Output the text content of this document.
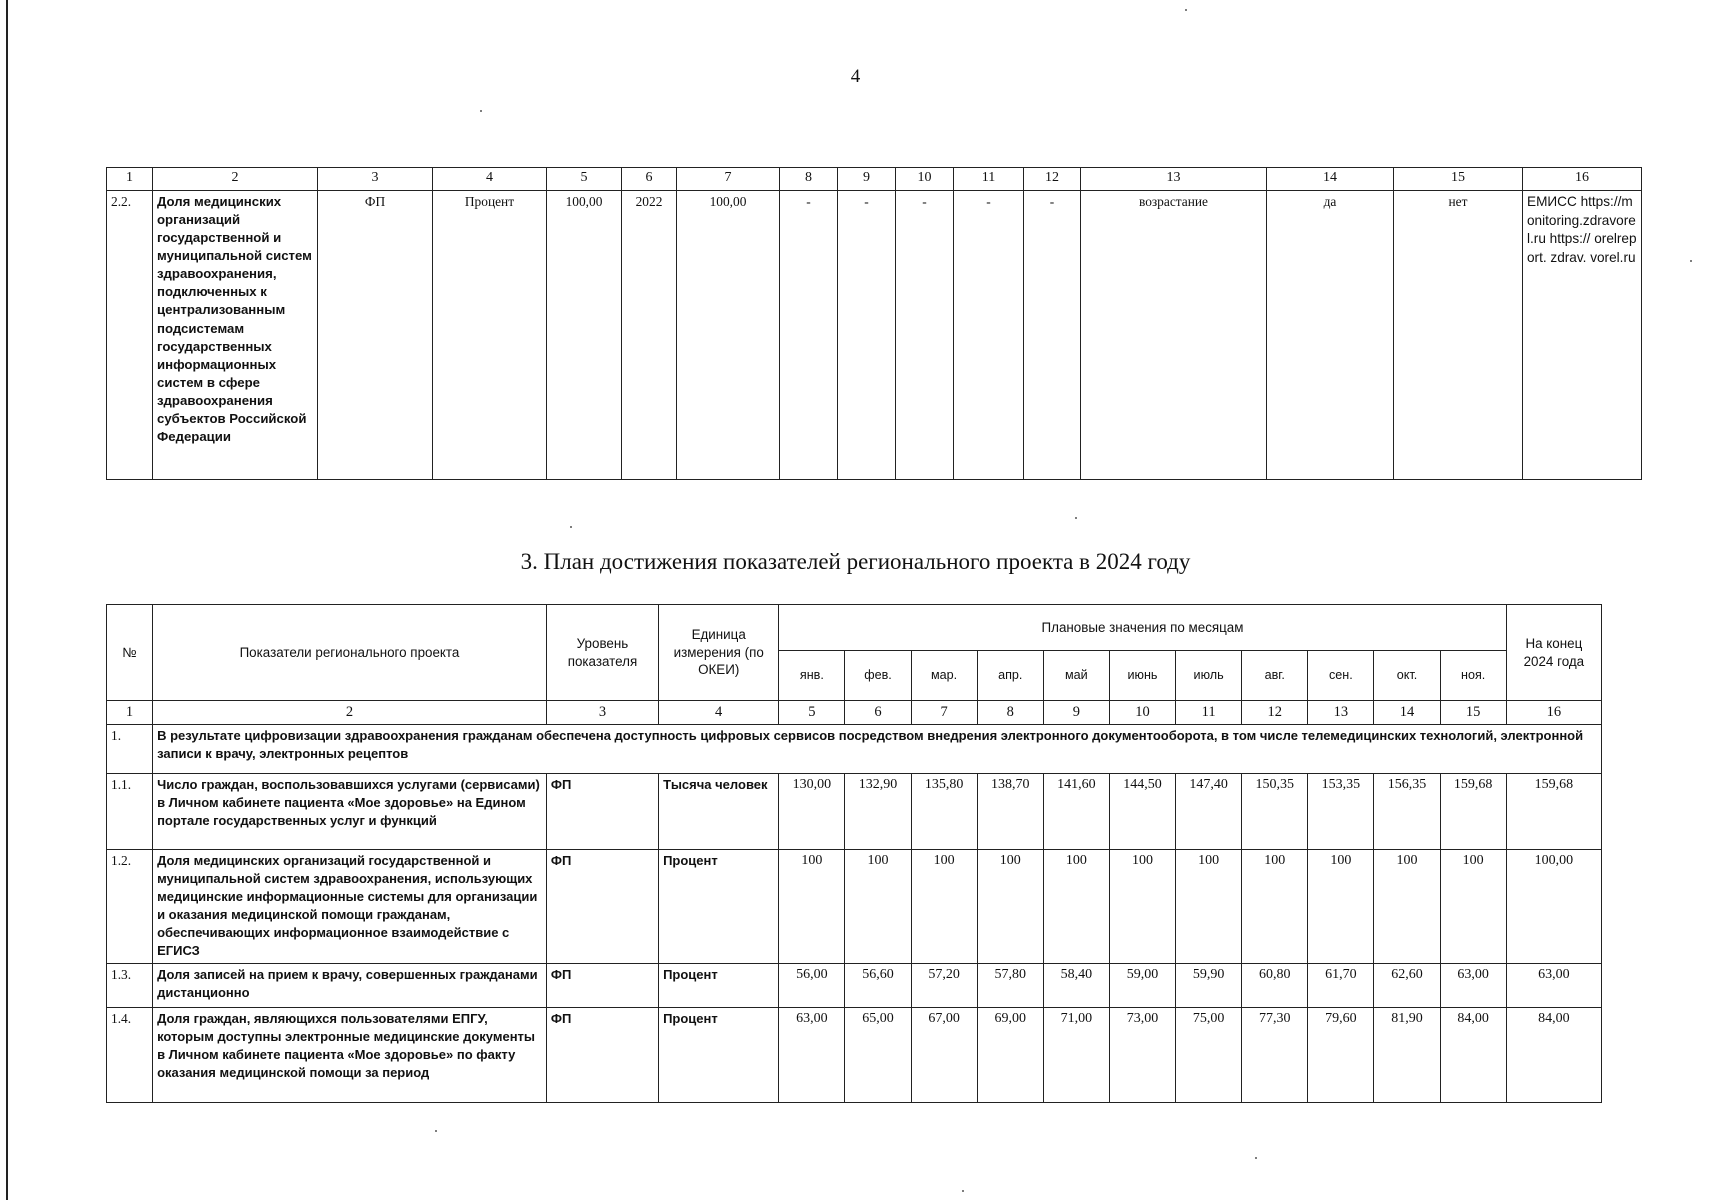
4
1	2	3	4	5	6	7	8	9	10	11	12	13	14	15	16
2.2.	Доля медицинских организаций государственной и муниципальной систем здравоохранения, подключенных к централизованным подсистемам государственных информационных систем в сфере здравоохранения субъектов Российской Федерации	ФП	Процент	100,00	2022	100,00	-	-	-	-	-	возрастание	да	нет	ЕМИСС https://monitoring.zdravorel.ru https:// orelreport. zdrav. vorel.ru
3. План достижения показателей регионального проекта в 2024 году
№	Показатели регионального проекта	Уровень показателя	Единица измерения (по ОКЕИ)	Плановые значения по месяцам											На конец 2024 года
				янв.	фев.	мар.	апр.	май	июнь	июль	авг.	сен.	окт.	ноя.	
1	2	3	4	5	6	7	8	9	10	11	12	13	14	15	16
1.	В результате цифровизации здравоохранения гражданам обеспечена доступность цифровых сервисов посредством внедрения электронного документооборота, в том числе телемедицинских технологий, электронной записи к врачу, электронных рецептов														
1.1.	Число граждан, воспользовавшихся услугами (сервисами) в Личном кабинете пациента «Мое здоровье» на Едином портале государственных услуг и функций	ФП	Тысяча человек	130,00	132,90	135,80	138,70	141,60	144,50	147,40	150,35	153,35	156,35	159,68	159,68
1.2.	Доля медицинских организаций государственной и муниципальной систем здравоохранения, использующих медицинские информационные системы для организации и оказания медицинской помощи гражданам, обеспечивающих информационное взаимодействие с ЕГИСЗ	ФП	Процент	100	100	100	100	100	100	100	100	100	100	100	100,00
1.3.	Доля записей на прием к врачу, совершенных гражданами дистанционно	ФП	Процент	56,00	56,60	57,20	57,80	58,40	59,00	59,90	60,80	61,70	62,60	63,00	63,00
1.4.	Доля граждан, являющихся пользователями ЕПГУ, которым доступны электронные медицинские документы в Личном кабинете пациента «Мое здоровье» по факту оказания медицинской помощи за период	ФП	Процент	63,00	65,00	67,00	69,00	71,00	73,00	75,00	77,30	79,60	81,90	84,00	84,00
